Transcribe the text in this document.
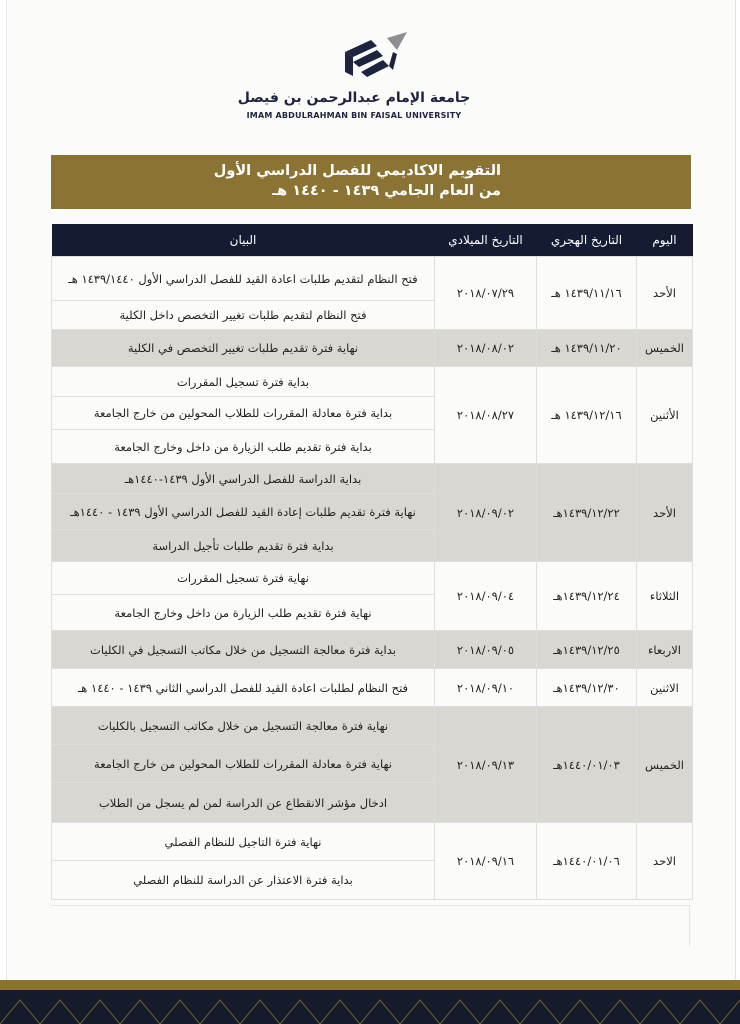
جامعة الإمام عبدالرحمن بن فيصل
IMAM ABDULRAHMAN BIN FAISAL UNIVERSITY
التقويم الاكاديمي للفصل الدراسي الأول
من العام الجامي ١٤٣٩ - ١٤٤٠ هـ
اليوم	التاريخ الهجري	التاريخ الميلادي	البيان
الأحد	١٤٣٩/١١/١٦ هـ	٢٠١٨/٠٧/٢٩	فتح النظام لتقديم طلبات اعادة القيد للفصل الدراسي الأول ١٤٣٩/١٤٤٠ هـ
			فتح النظام لتقديم طلبات تغيير التخصص داخل الكلية
الخميس	١٤٣٩/١١/٢٠ هـ	٢٠١٨/٠٨/٠٢	نهاية فترة تقديم طلبات تغيير التخصص في الكلية
الأثنين	١٤٣٩/١٢/١٦ هـ	٢٠١٨/٠٨/٢٧	بداية فترة تسجيل المقررات
			بداية فترة معادلة المقررات للطلاب المحولين من خارج الجامعة
			بداية فترة تقديم طلب الزيارة من داخل وخارج الجامعة
الأحد	١٤٣٩/١٢/٢٢هـ	٢٠١٨/٠٩/٠٢	بداية الدراسة للفصل الدراسي الأول ١٤٣٩-١٤٤٠هـ
			نهاية فترة تقديم طلبات إعادة القيد للفصل الدراسي الأول ١٤٣٩ - ١٤٤٠هـ
			بداية فترة تقديم طلبات تأجيل الدراسة
الثلاثاء	١٤٣٩/١٢/٢٤هـ	٢٠١٨/٠٩/٠٤	نهاية فترة تسجيل المقررات
			نهاية فترة تقديم طلب الزيارة من داخل وخارج الجامعة
الاربعاء	١٤٣٩/١٢/٢٥هـ	٢٠١٨/٠٩/٠٥	بداية فترة معالجة التسجيل من خلال مكاتب التسجيل في الكليات
الاثنين	١٤٣٩/١٢/٣٠هـ	٢٠١٨/٠٩/١٠	فتح النظام لطلبات اعادة القيد للفصل الدراسي الثاني ١٤٣٩ - ١٤٤٠ هـ
الخميس	١٤٤٠/٠١/٠٣هـ	٢٠١٨/٠٩/١٣	نهاية فترة معالجة التسجيل من خلال مكاتب التسجيل بالكليات
			نهاية فترة معادلة المقررات للطلاب المحولين من خارج الجامعة
			ادخال مؤشر الانقطاع عن الدراسة لمن لم يسجل من الطلاب
الاحد	١٤٤٠/٠١/٠٦هـ	٢٠١٨/٠٩/١٦	نهاية فترة التاجيل للنظام الفصلي
			بداية فترة الاعتذار عن الدراسة للنظام الفصلي
